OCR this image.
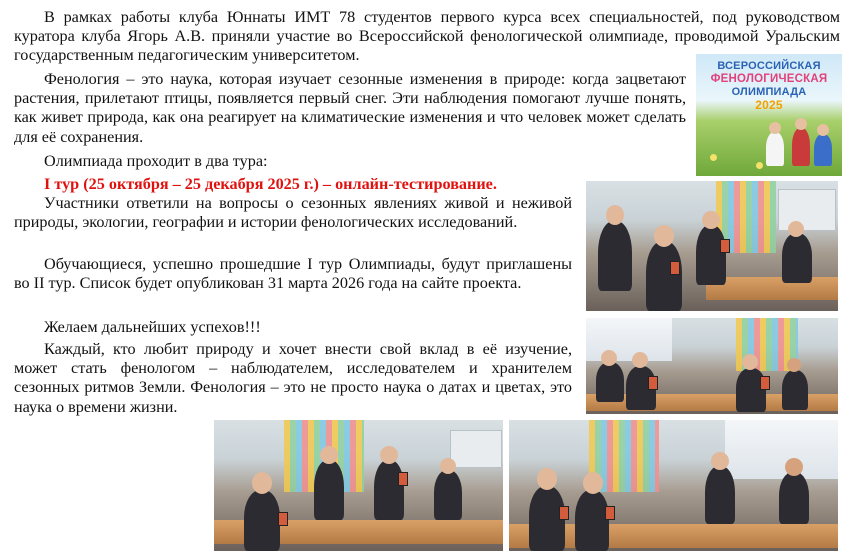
В рамках работы клуба Юннаты ИМТ 78 студентов первого курса всех специальностей, под руководством куратора клуба Ягорь А.В. приняли участие во Всероссийской фенологической олимпиаде, проводимой Уральским государственным педагогическим университетом.

Фенология – это наука, которая изучает сезонные изменения в природе: когда зацветают растения, прилетают птицы, появляется первый снег. Эти наблюдения помогают лучше понять, как живет природа, как она реагирует на климатические изменения и что человек может сделать для её сохранения.

Олимпиада проходит в два тура:

I тур (25 октября – 25 декабря 2025 г.) – онлайн-тестирование.

Участники ответили на вопросы о сезонных явлениях живой и неживой природы, экологии, географии и истории фенологических исследований.

Обучающиеся, успешно прошедшие I тур Олимпиады, будут приглашены во II тур. Список будет опубликован 31 марта 2026 года на сайте проекта.

Желаем дальнейших успехов!!!

Каждый, кто любит природу и хочет внести свой вклад в её изучение, может стать фенологом – наблюдателем, исследователем и хранителем сезонных ритмов Земли. Фенология – это не просто наука о датах и цветах, это наука о времени жизни.

ВСЕРОССИЙСКАЯ
ФЕНОЛОГИЧЕСКАЯ
ОЛИМПИАДА
2025
